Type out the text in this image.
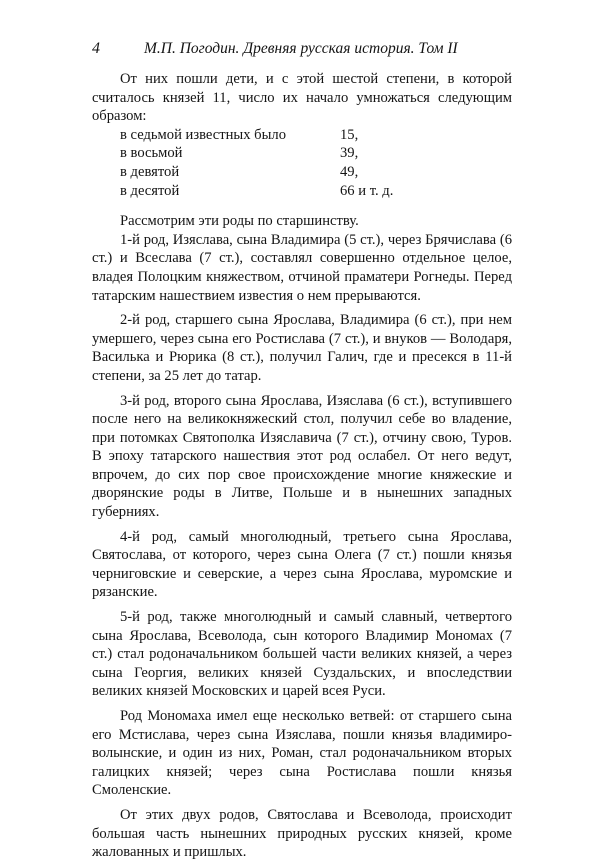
4	М.П. Погодин. Древняя русская история. Том II

От них пошли дети, и с этой шестой степени, в которой считалось князей 11, число их начало умножаться следующим образом:

в седьмой известных было	15,
в восьмой	39,
в девятой	49,
в десятой	66 и т. д.

Рассмотрим эти роды по старшинству.

1-й род, Изяслава, сына Владимира (5 ст.), через Брячислава (6 ст.) и Всеслава (7 ст.), составлял совершенно отдельное целое, владея Полоцким княжеством, отчиной праматери Рогнеды. Перед татарским нашествием известия о нем прерываются.

2-й род, старшего сына Ярослава, Владимира (6 ст.), при нем умершего, через сына его Ростислава (7 ст.), и внуков — Володаря, Василька и Рюрика (8 ст.), получил Галич, где и пресекся в 11-й степени, за 25 лет до татар.

3-й род, второго сына Ярослава, Изяслава (6 ст.), вступившего после него на великокняжеский стол, получил себе во владение, при потомках Святополка Изяславича (7 ст.), отчину свою, Туров. В эпоху татарского нашествия этот род ослабел. От него ведут, впрочем, до сих пор свое происхождение многие княжеские и дворянские роды в Литве, Польше и в нынешних западных губерниях.

4-й род, самый многолюдный, третьего сына Ярослава, Святослава, от которого, через сына Олега (7 ст.) пошли князья черниговские и северские, а через сына Ярослава, муромские и рязанские.

5-й род, также многолюдный и самый славный, четвертого сына Ярослава, Всеволода, сын которого Владимир Мономах (7 ст.) стал родоначальником большей части великих князей, а через сына Георгия, великих князей Суздальских, и впоследствии великих князей Московских и царей всея Руси.

Род Мономаха имел еще несколько ветвей: от старшего сына его Мстислава, через сына Изяслава, пошли князья владимиро-волынские, и один из них, Роман, стал родоначальником вторых галицких князей; через сына Ростислава пошли князья Смоленские.

От этих двух родов, Святослава и Всеволода, происходит большая часть нынешних природных русских князей, кроме жалованных и пришлых.
